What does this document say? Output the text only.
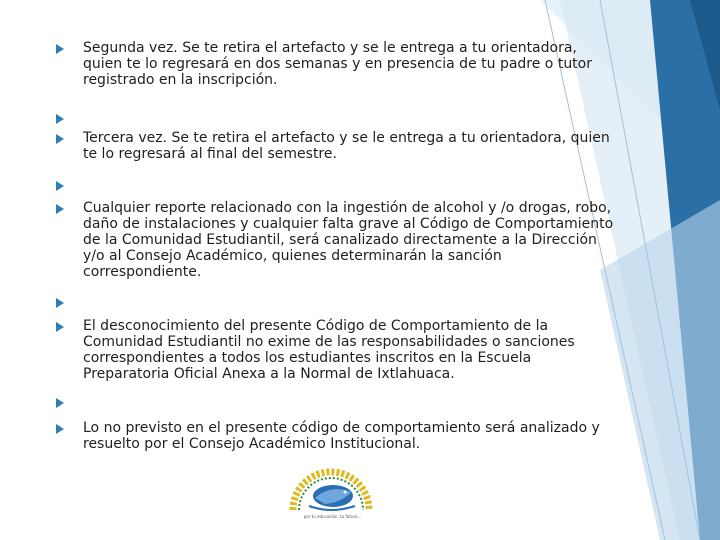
Segunda vez. Se te retira el artefacto y se le entrega a tu orientadora,
quien te lo regresará en dos semanas y en presencia de tu padre o tutor
registrado en la inscripción.
Tercera vez. Se te retira el artefacto y se le entrega a tu orientadora, quien
te lo regresará al final del semestre.
Cualquier reporte relacionado con la ingestión de alcohol y /o drogas, robo,
daño de instalaciones y cualquier falta grave al Código de Comportamiento
de la Comunidad Estudiantil, será canalizado directamente a la Dirección
y/o al Consejo Académico, quienes determinarán la sanción
correspondiente.
El desconocimiento del presente Código de Comportamiento de la
Comunidad Estudiantil no exime de las responsabilidades o sanciones
correspondientes a todos los estudiantes inscritos en la Escuela
Preparatoria Oficial Anexa a la Normal de Ixtlahuaca.
Lo no previsto en el presente código de comportamiento será analizado y
resuelto por el Consejo Académico Institucional.
por tu educación, tu futuro...
